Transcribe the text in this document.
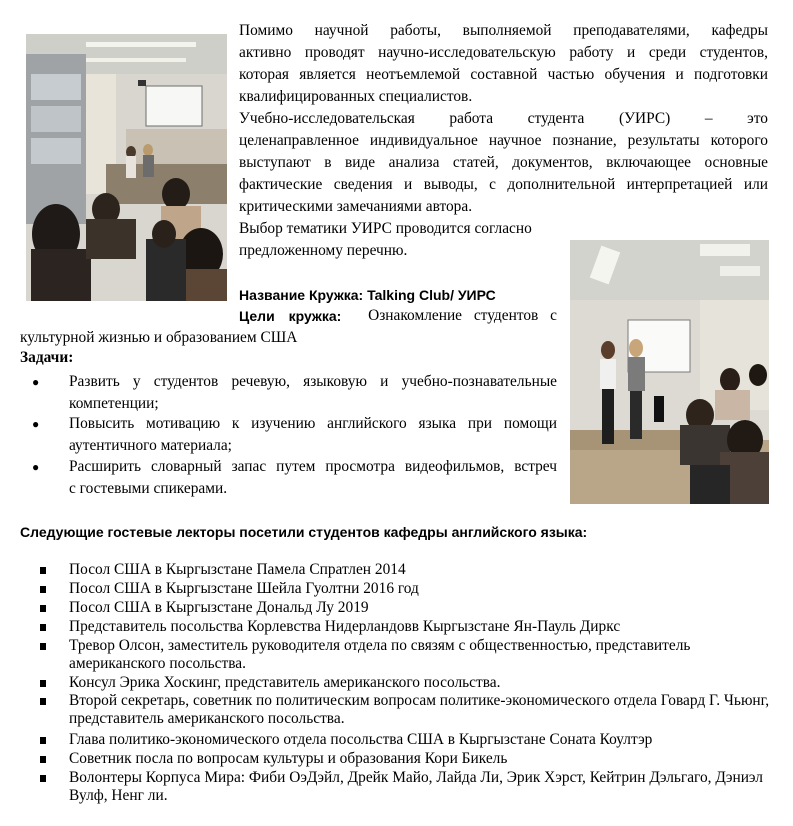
Помимо научной работы, выполняемой преподавателями, кафедры

активно проводят научно-исследовательскую работу и среди студентов,

которая является неотъемлемой составной частью обучения и подготовки

квалифицированных специалистов.

Учебно-исследовательская работа студента (УИРС) – это

целенаправленное индивидуальное научное познание, результаты которого

выступают в виде анализа статей, документов, включающее основные

фактические сведения и выводы, с дополнительной интерпретацией или

критическими замечаниями автора.

Выбор тематики УИРС проводится согласно

предложенному перечню.

Название Кружка: Talking Club/ УИРС
Цели кружка: Ознакомление студентов с

культурной жизнью и образованием США

Задачи:
● Развить у студентов речевую, языковую и учебно-познавательные
компетенции;
● Повысить мотивацию к изучению английского языка при помощи
аутентичного материала;
● Расширить словарный запас путем просмотра видеофильмов, встреч
с гостевыми спикерами.
Следующие гостевые лекторы посетили студентов кафедры английского языка:
Посол США в Кыргызстане Памела Спратлен 2014
Посол США в Кыргызстане Шейла Гуолтни 2016 год
Посол США в Кыргызстане Дональд Лу 2019
Представитель посольства Корлевства Нидерландовв Кыргызстане Ян-Пауль Диркс
Тревор Олсон, заместитель руководителя отдела по связям с общественностью, представитель американского посольства.
Консул Эрика Хоскинг, представитель американского посольства.
Второй секретарь, советник по политическим вопросам политике-экономического отдела Говард Г. Чьюнг, представитель американского посольства.
Глава политико-экономического отдела посольства США в Кыргызстане Соната Коултэр
Советник посла по вопросам культуры и образования Кори Бикель
Волонтеры Корпуса Мира: Фиби ОэДэйл, Дрейк Майо, Лайда Ли, Эрик Хэрст, Кейтрин Дэльгаго, Дэниэл Вулф, Ненг ли.
